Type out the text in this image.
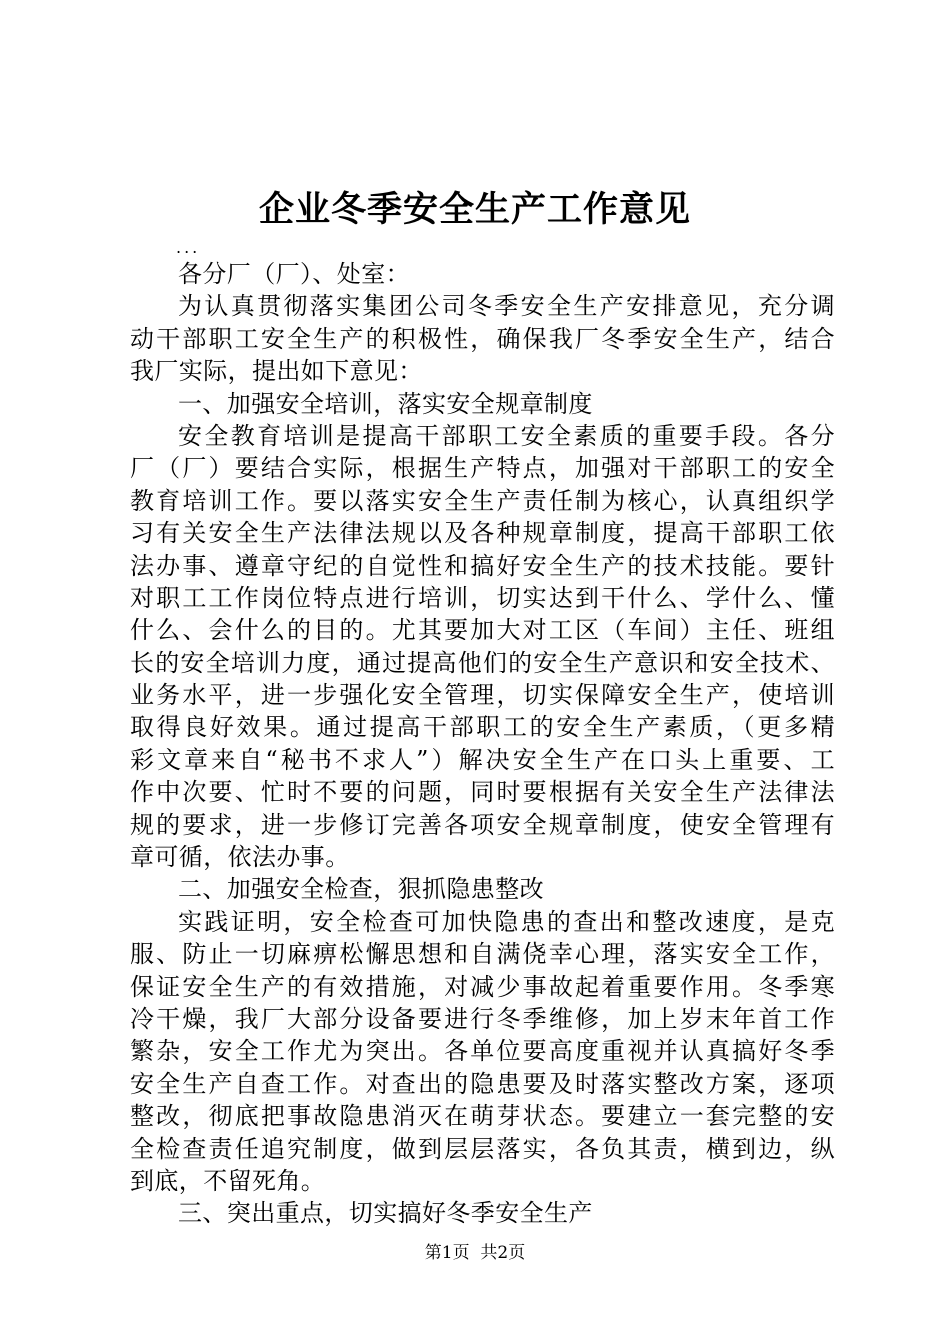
企业冬季安全生产工作意见
...
各分厂（厂）、处室：
为认真贯彻落实集团公司冬季安全生产安排意见，充分调
动干部职工安全生产的积极性，确保我厂冬季安全生产，结合
我厂实际，提出如下意见：
一、加强安全培训，落实安全规章制度
安全教育培训是提高干部职工安全素质的重要手段。各分
厂（厂）要结合实际，根据生产特点，加强对干部职工的安全
教育培训工作。要以落实安全生产责任制为核心，认真组织学
习有关安全生产法律法规以及各种规章制度，提高干部职工依
法办事、遵章守纪的自觉性和搞好安全生产的技术技能。要针
对职工工作岗位特点进行培训，切实达到干什么、学什么、懂
什么、会什么的目的。尤其要加大对工区（车间）主任、班组
长的安全培训力度，通过提高他们的安全生产意识和安全技术、
业务水平，进一步强化安全管理，切实保障安全生产，使培训
取得良好效果。通过提高干部职工的安全生产素质，（更多精
彩文章来自“秘书不求人”）解决安全生产在口头上重要、工
作中次要、忙时不要的问题，同时要根据有关安全生产法律法
规的要求，进一步修订完善各项安全规章制度，使安全管理有
章可循，依法办事。
二、加强安全检查，狠抓隐患整改
实践证明，安全检查可加快隐患的查出和整改速度，是克
服、防止一切麻痹松懈思想和自满侥幸心理，落实安全工作，
保证安全生产的有效措施，对减少事故起着重要作用。冬季寒
冷干燥，我厂大部分设备要进行冬季维修，加上岁末年首工作
繁杂，安全工作尤为突出。各单位要高度重视并认真搞好冬季
安全生产自查工作。对查出的隐患要及时落实整改方案，逐项
整改，彻底把事故隐患消灭在萌芽状态。要建立一套完整的安
全检查责任追究制度，做到层层落实，各负其责，横到边，纵
到底，不留死角。
三、突出重点，切实搞好冬季安全生产
第1页  共2页
